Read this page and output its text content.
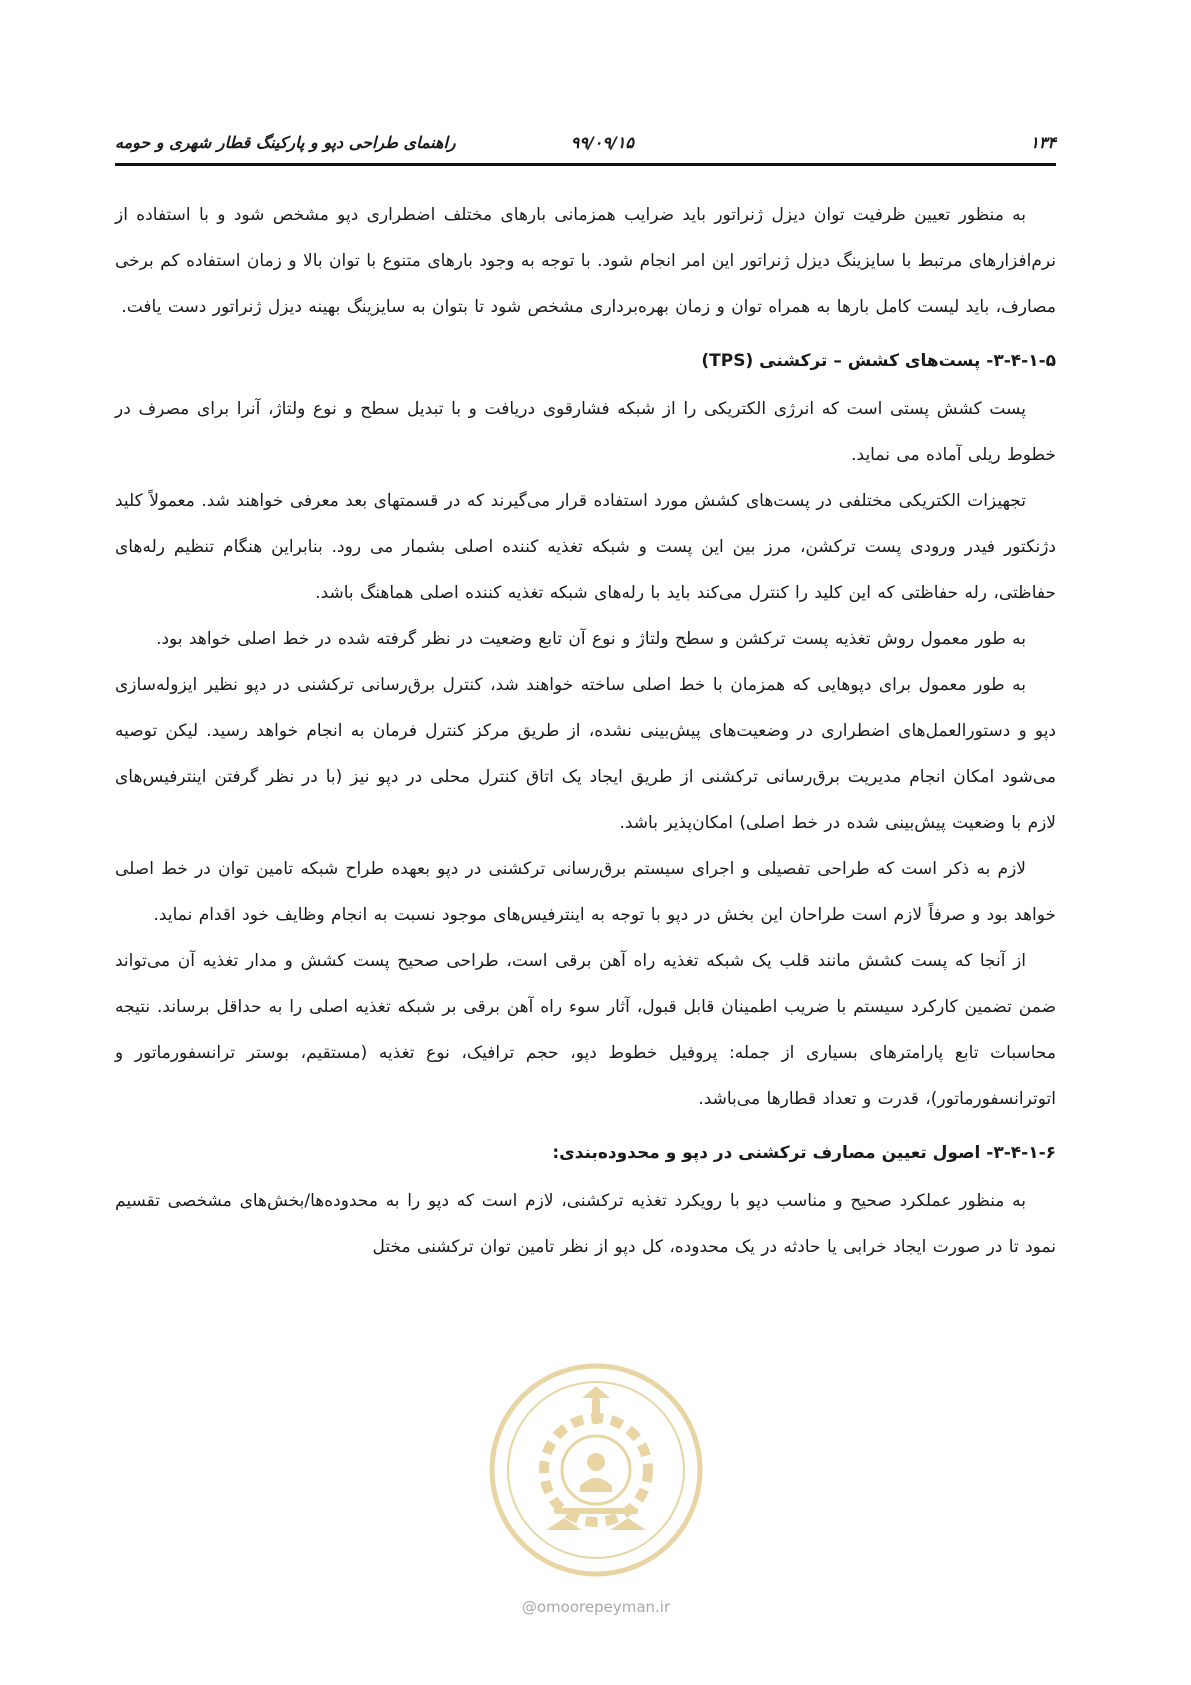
۱۳۴
۹۹/۰۹/۱۵
راهنمای طراحی دپو و پارکینگ قطار شهری و حومه

به منظور تعیین ظرفیت توان دیزل ژنراتور باید ضرایب همزمانی بارهای مختلف اضطراری دپو مشخص شود و با استفاده از نرم‌افزارهای مرتبط با سایزینگ دیزل ژنراتور این امر انجام شود. با توجه به وجود بارهای متنوع با توان بالا و زمان استفاده کم برخی مصارف، باید لیست کامل بارها به همراه توان و زمان بهره‌برداری مشخص شود تا بتوان به سایزینگ بهینه دیزل ژنراتور دست یافت.

۳-۴-۱-۵- پست‌های کشش – ترکشنی (TPS)

پست کشش پستی است که انرژی الکتریکی را از شبکه فشارقوی دریافت و با تبدیل سطح و نوع ولتاژ، آنرا برای مصرف در خطوط ریلی آماده می نماید.

تجهیزات الکتریکی مختلفی در پست‌های کشش مورد استفاده قرار می‌گیرند که در قسمتهای بعد معرفی خواهند شد. معمولاً کلید دژنکتور فیدر ورودی پست ترکشن، مرز بین این پست و شبکه تغذیه کننده اصلی بشمار می رود. بنابراین هنگام تنظیم رله‌های حفاظتی، رله حفاظتی که این کلید را کنترل می‌کند باید با رله‌های شبکه تغذیه کننده اصلی هماهنگ باشد.

به طور معمول روش تغذیه پست ترکشن و سطح ولتاژ و نوع آن تابع وضعیت در نظر گرفته شده در خط اصلی خواهد بود.

به طور معمول برای دپوهایی که همزمان با خط اصلی ساخته خواهند شد، کنترل برق‌رسانی ترکشنی در دپو نظیر ایزوله‌سازی دپو و دستورالعمل‌های اضطراری در وضعیت‌های پیش‌بینی نشده، از طریق مرکز کنترل فرمان به انجام خواهد رسید. لیکن توصیه می‌شود امکان انجام مدیریت برق‌رسانی ترکشنی از طریق ایجاد یک اتاق کنترل محلی در دپو نیز (با در نظر گرفتن اینترفیس‌های لازم با وضعیت پیش‌بینی شده در خط اصلی) امکان‌پذیر باشد.

لازم به ذکر است که طراحی تفصیلی و اجرای سیستم برق‌رسانی ترکشنی در دپو بعهده طراح شبکه تامین توان در خط اصلی خواهد بود و صرفاً لازم است طراحان این بخش در دپو با توجه به اینترفیس‌های موجود نسبت به انجام وظایف خود اقدام نماید.

از آنجا که پست کشش مانند قلب یک شبکه تغذیه راه آهن برقی است، طراحی صحیح پست کشش و مدار تغذیه آن می‌تواند ضمن تضمین کارکرد سیستم با ضریب اطمینان قابل قبول، آثار سوء راه آهن برقی بر شبکه تغذیه اصلی را به حداقل برساند. نتیجه محاسبات تابع پارامترهای بسیاری از جمله: پروفیل خطوط دپو، حجم ترافیک، نوع تغذیه (مستقیم، بوستر ترانسفورماتور و اتوترانسفورماتور)، قدرت و تعداد قطارها می‌باشد.

۳-۴-۱-۶- اصول تعیین مصارف ترکشنی در دپو و محدوده‌بندی:

به منظور عملکرد صحیح و مناسب دپو با رویکرد تغذیه ترکشنی، لازم است که دپو را به محدوده‌ها/بخش‌های مشخصی تقسیم نمود تا در صورت ایجاد خرابی یا حادثه در یک محدوده، کل دپو از نظر تامین توان ترکشنی مختل

@omoorepeyman.ir
